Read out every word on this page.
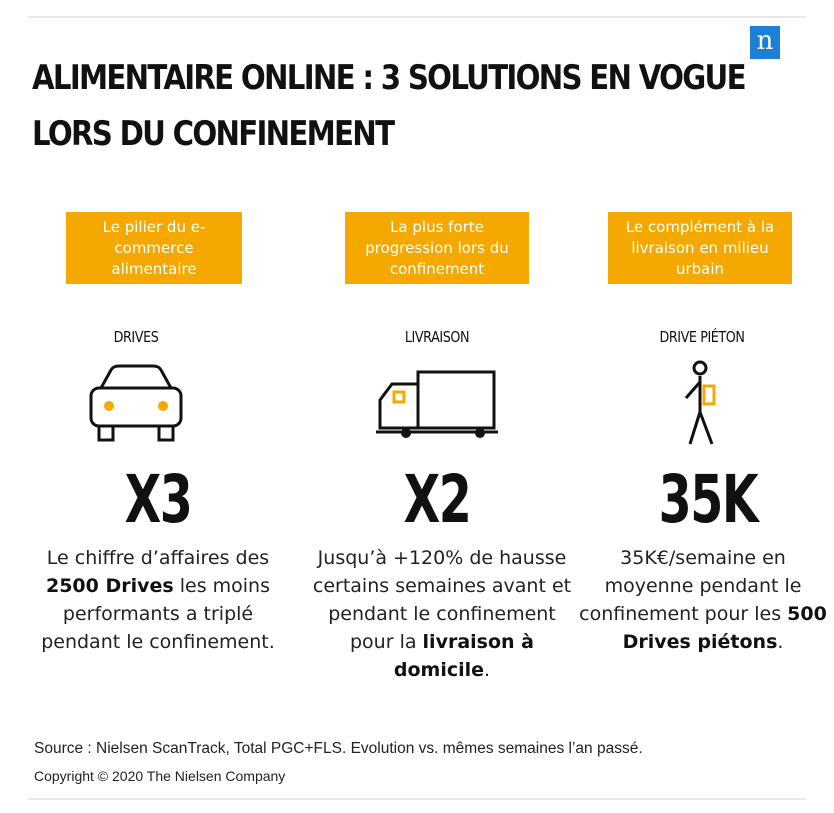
n
ALIMENTAIRE ONLINE : 3 SOLUTIONS EN VOGUE
LORS DU CONFINEMENT
Le pilier du e-commerce alimentaire
DRIVES
X3
Le chiffre d’affaires des 2500 Drives les moins performants a triplé pendant le confinement.
La plus forte progression lors du confinement
LIVRAISON
X2
Jusqu’à +120% de hausse certains semaines avant et pendant le confinement pour la livraison à domicile.
Le complément à la livraison en milieu urbain
DRIVE PIÉTON
35K
35K€/semaine en moyenne pendant le confinement pour les 500 Drives piétons.
Source : Nielsen ScanTrack, Total PGC+FLS. Evolution vs. mêmes semaines l’an passé.
Copyright © 2020 The Nielsen Company
